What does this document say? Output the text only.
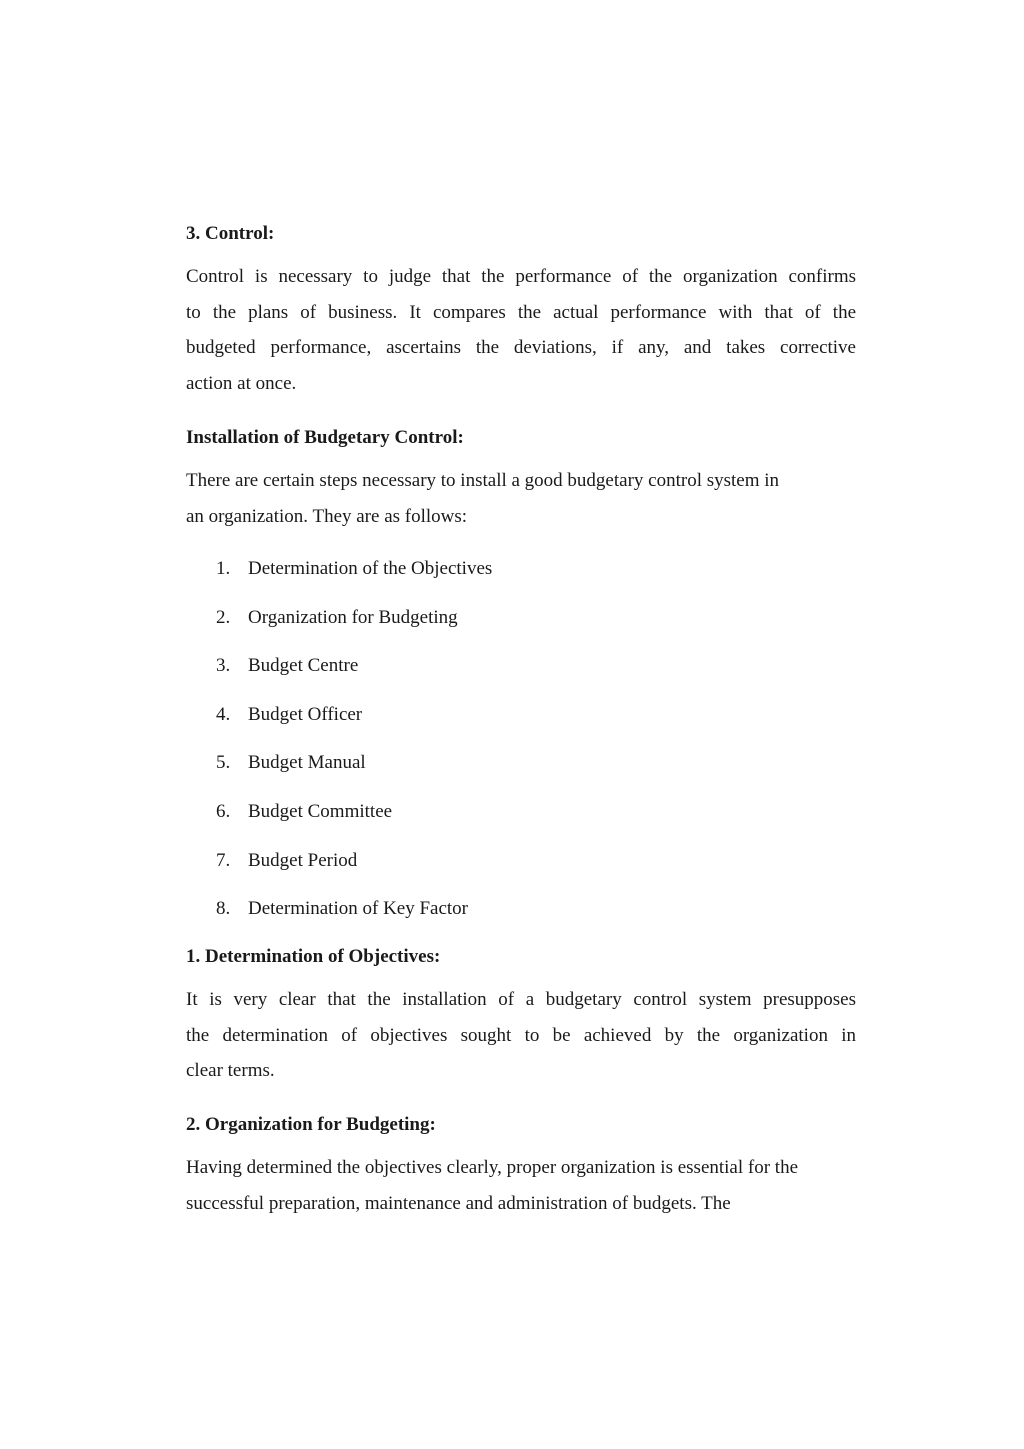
3. Control:
Control is necessary to judge that the performance of the organization confirms
to the plans of business. It compares the actual performance with that of the
budgeted performance, ascertains the deviations, if any, and takes corrective
action at once.
Installation of Budgetary Control:
There are certain steps necessary to install a good budgetary control system in
an organization. They are as follows:
1. Determination of the Objectives
2. Organization for Budgeting
3. Budget Centre
4. Budget Officer
5. Budget Manual
6. Budget Committee
7. Budget Period
8. Determination of Key Factor
1. Determination of Objectives:
It is very clear that the installation of a budgetary control system presupposes
the determination of objectives sought to be achieved by the organization in
clear terms.
2. Organization for Budgeting:
Having determined the objectives clearly, proper organization is essential for the
successful preparation, maintenance and administration of budgets. The
